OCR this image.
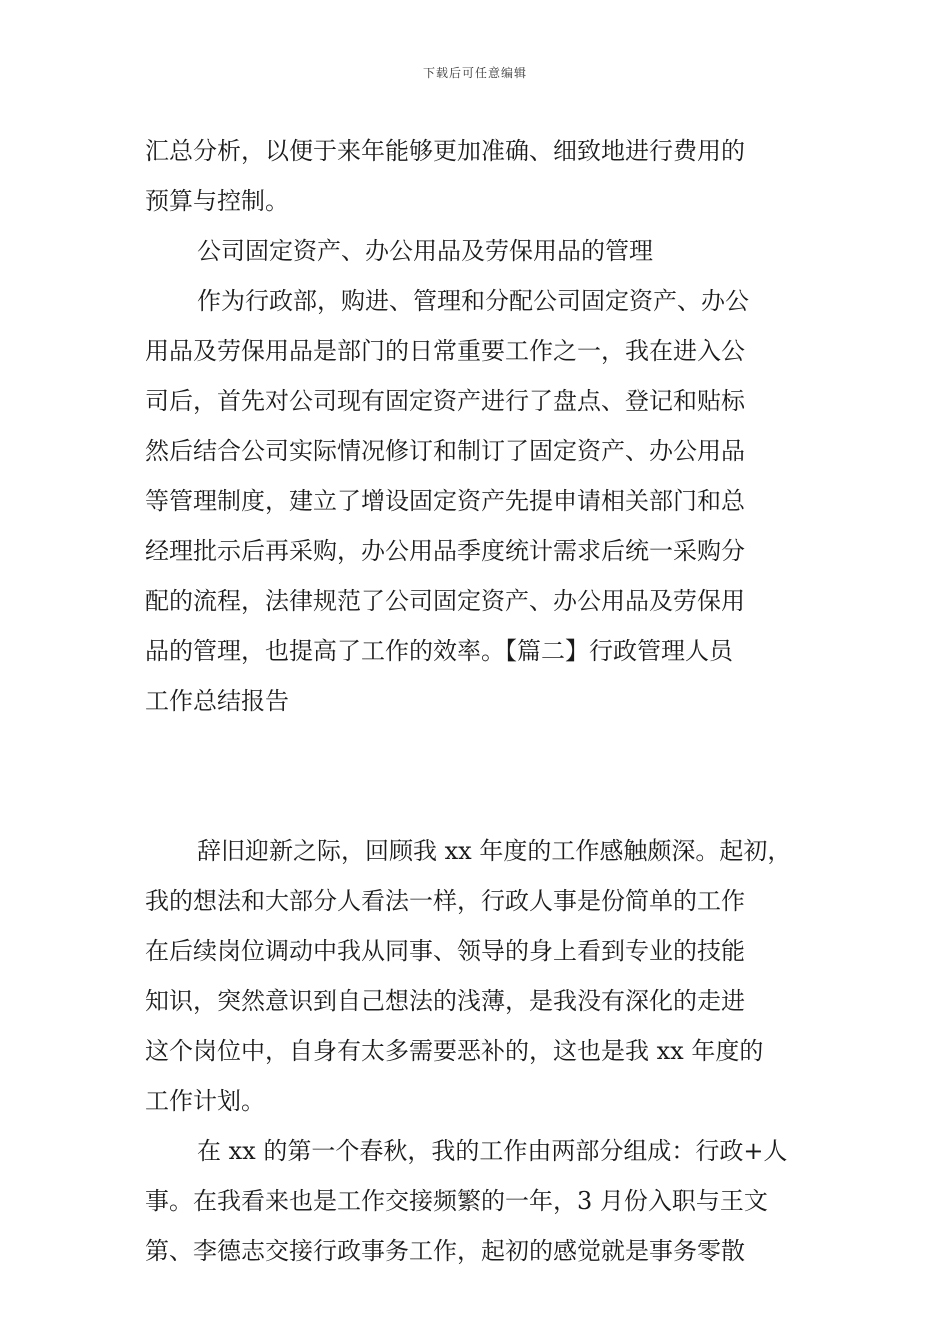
下载后可任意编辑
汇总分析，以便于来年能够更加准确、细致地进行费用的
预算与控制。
公司固定资产、办公用品及劳保用品的管理
作为行政部，购进、管理和分配公司固定资产、办公
用品及劳保用品是部门的日常重要工作之一，我在进入公
司后，首先对公司现有固定资产进行了盘点、登记和贴标
然后结合公司实际情况修订和制订了固定资产、办公用品
等管理制度，建立了增设固定资产先提申请相关部门和总
经理批示后再采购，办公用品季度统计需求后统一采购分
配的流程，法律规范了公司固定资产、办公用品及劳保用
品的管理，也提高了工作的效率。【篇二】行政管理人员
工作总结报告
辞旧迎新之际，回顾我 xx 年度的工作感触颇深。起初，
我的想法和大部分人看法一样，行政人事是份简单的工作
在后续岗位调动中我从同事、领导的身上看到专业的技能
知识，突然意识到自己想法的浅薄，是我没有深化的走进
这个岗位中，自身有太多需要恶补的，这也是我 xx 年度的
工作计划。
在 xx 的第一个春秋，我的工作由两部分组成：行政+人
事。在我看来也是工作交接频繁的一年，3 月份入职与王文
第、李德志交接行政事务工作，起初的感觉就是事务零散
